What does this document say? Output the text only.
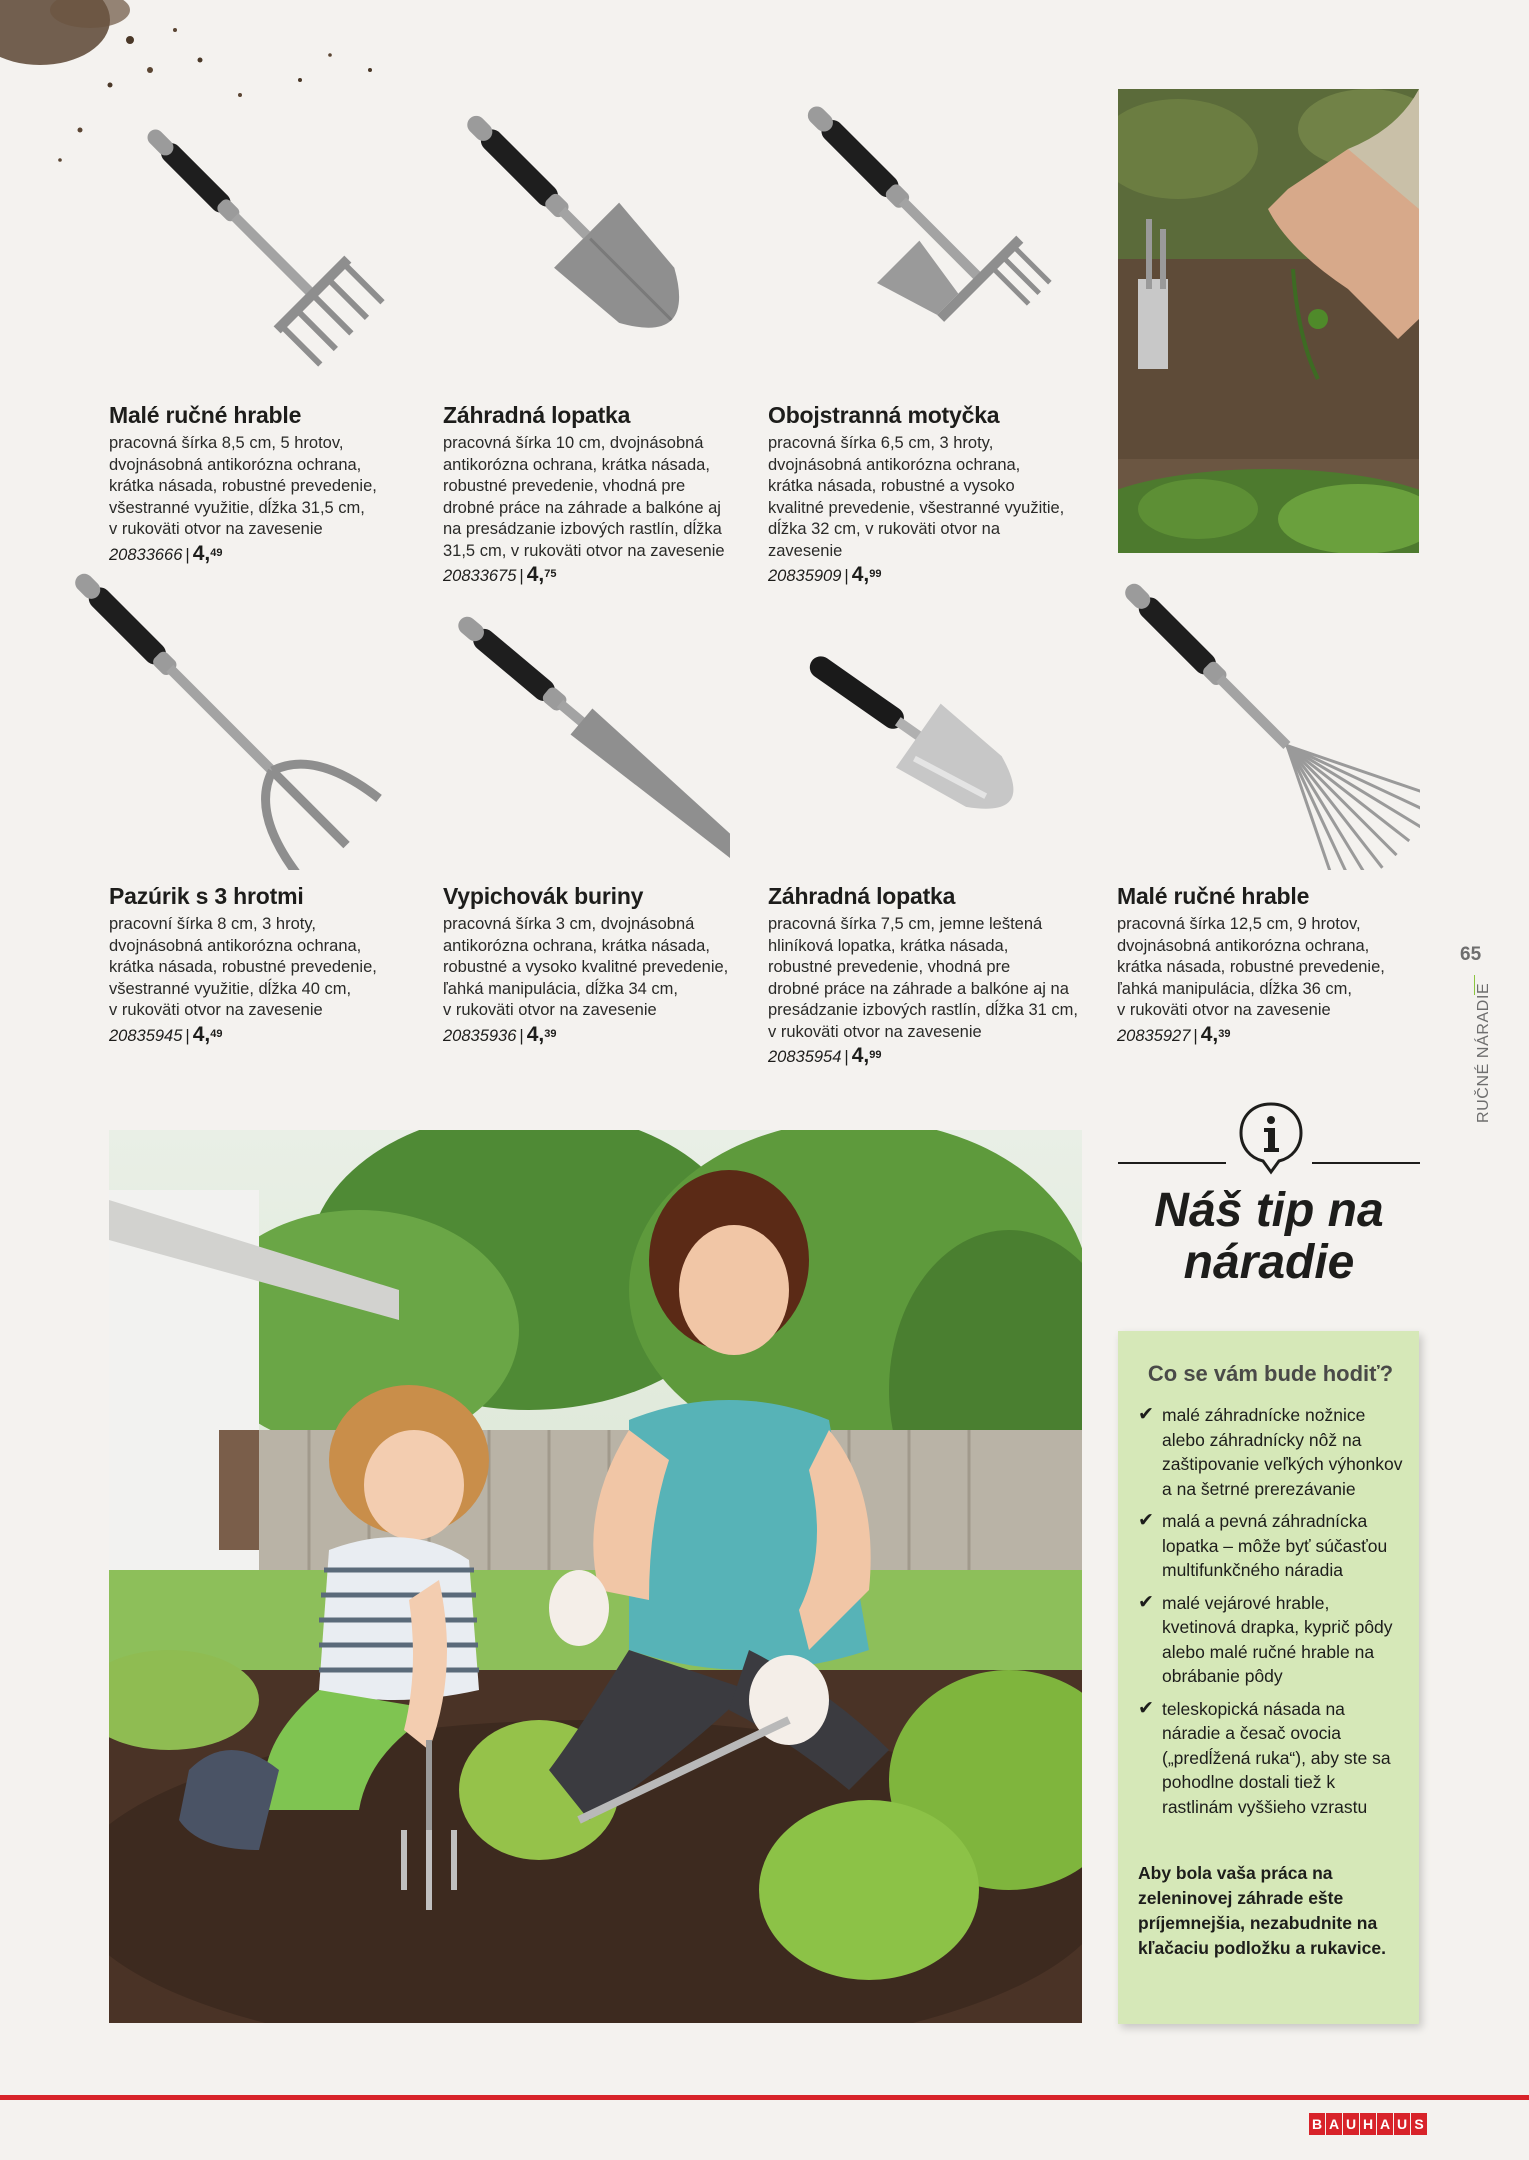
Malé ručné hrable

pracovná šírka 8,5 cm, 5 hrotov,
dvojnásobná antikorózna ochrana,
krátka násada, robustné prevedenie,
všestranné využitie, dĺžka 31,5 cm,
v rukoväti otvor na zavesenie

20833666 | 4,49
Záhradná lopatka

pracovná šírka 10 cm, dvojnásobná
antikorózna ochrana, krátka násada,
robustné prevedenie, vhodná pre
drobné práce na záhrade a balkóne aj
na presádzanie izbových rastlín, dĺžka
31,5 cm, v rukoväti otvor na zavesenie

20833675 | 4,75
Obojstranná motyčka

pracovná šírka 6,5 cm, 3 hroty,
dvojnásobná antikorózna ochrana,
krátka násada, robustné a vysoko
kvalitné prevedenie, všestranné využitie,
dĺžka 32 cm, v rukoväti otvor na
zavesenie

20835909 | 4,99
Pazúrik s 3 hrotmi

pracovní šírka 8 cm, 3 hroty,
dvojnásobná antikorózna ochrana,
krátka násada, robustné prevedenie,
všestranné využitie, dĺžka 40 cm,
v rukoväti otvor na zavesenie

20835945 | 4,49
Vypichovák buriny

pracovná šírka 3 cm, dvojnásobná
antikorózna ochrana, krátka násada,
robustné a vysoko kvalitné prevedenie,
ľahká manipulácia, dĺžka 34 cm,
v rukoväti otvor na zavesenie

20835936 | 4,39
Záhradná lopatka

pracovná šírka 7,5 cm, jemne leštená
hliníková lopatka, krátka násada,
robustné prevedenie, vhodná pre
drobné práce na záhrade a balkóne aj na
presádzanie izbových rastlín, dĺžka 31 cm,
v rukoväti otvor na zavesenie

20835954 | 4,99
Malé ručné hrable

pracovná šírka 12,5 cm, 9 hrotov,
dvojnásobná antikorózna ochrana,
krátka násada, robustné prevedenie,
ľahká manipulácia, dĺžka 36 cm,
v rukoväti otvor na zavesenie

20835927 | 4,39
65
RUČNÉ NÁRADIE
Náš tip na
náradie
Co se vám bude hodiť?
✔ malé záhradnícke nožnice alebo záhradnícky nôž na zaštipovanie veľkých výhonkov a na šetrné prerezávanie
✔ malá a pevná záhradnícka lopatka – môže byť súčasťou multifunkčného náradia
✔ malé vejárové hrable, kvetinová drapka, kyprič pôdy alebo malé ručné hrable na obrábanie pôdy
✔ teleskopická násada na náradie a česač ovocia („predĺžená ruka“), aby ste sa pohodlne dostali tiež k rastlinám vyššieho vzrastu
Aby bola vaša práca na zeleninovej záhrade ešte príjemnejšia, nezabudnite na kľačaciu podložku a rukavice.
B A U H A U S
